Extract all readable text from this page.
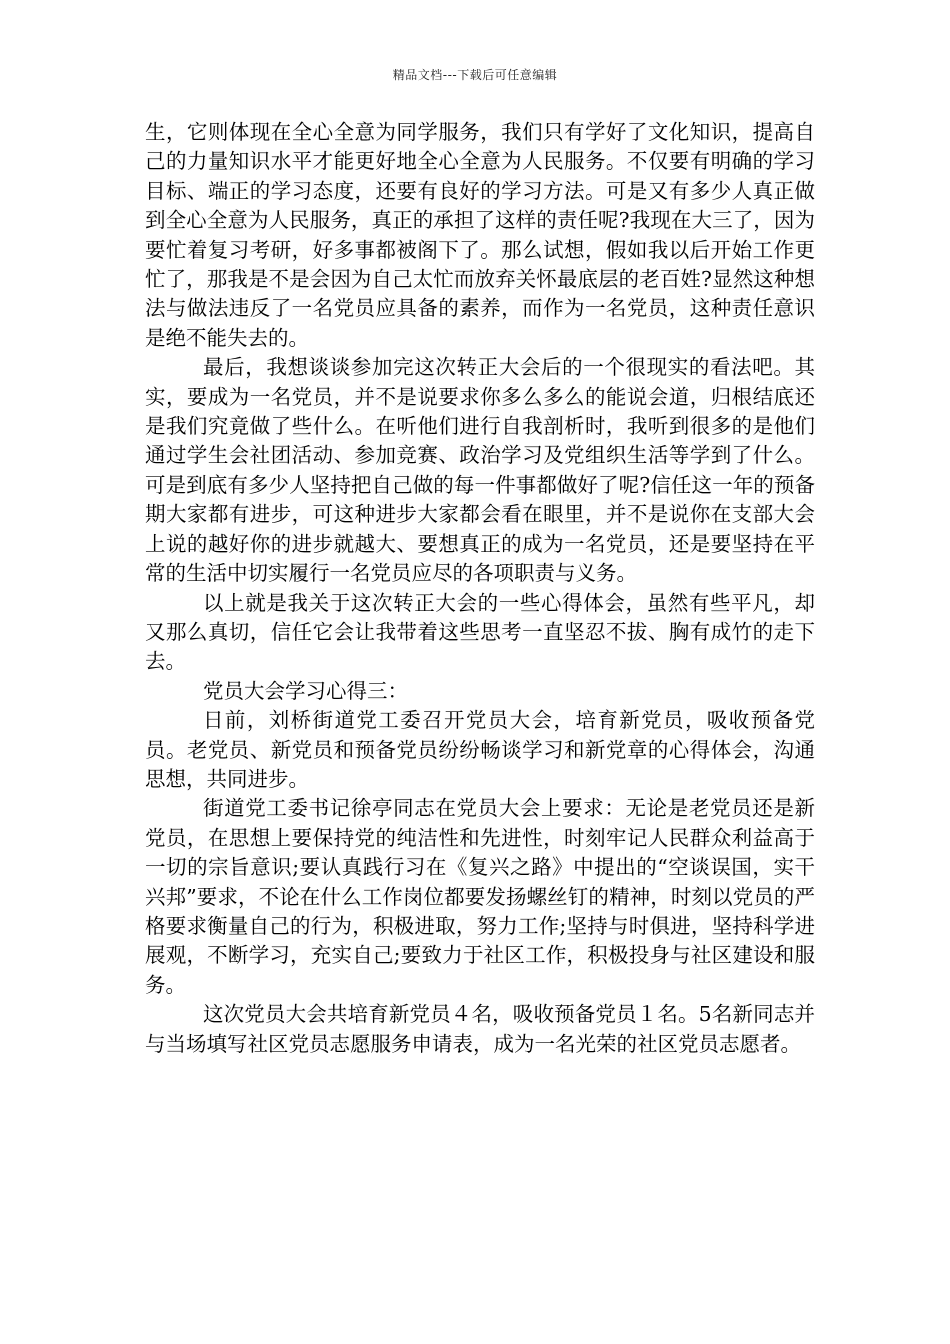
精品文档---下载后可任意编辑

生，它则体现在全心全意为同学服务，我们只有学好了文化知识，提高自己的力量知识水平才能更好地全心全意为人民服务。不仅要有明确的学习目标、端正的学习态度，还要有良好的学习方法。可是又有多少人真正做到全心全意为人民服务，真正的承担了这样的责任呢?我现在大三了，因为要忙着复习考研，好多事都被阁下了。那么试想，假如我以后开始工作更忙了，那我是不是会因为自己太忙而放弃关怀最底层的老百姓?显然这种想法与做法违反了一名党员应具备的素养，而作为一名党员，这种责任意识是绝不能失去的。

最后，我想谈谈参加完这次转正大会后的一个很现实的看法吧。其实，要成为一名党员，并不是说要求你多么多么的能说会道，归根结底还是我们究竟做了些什么。在听他们进行自我剖析时，我听到很多的是他们通过学生会社团活动、参加竞赛、政治学习及党组织生活等学到了什么。可是到底有多少人坚持把自己做的每一件事都做好了呢?信任这一年的预备期大家都有进步，可这种进步大家都会看在眼里，并不是说你在支部大会上说的越好你的进步就越大、要想真正的成为一名党员，还是要坚持在平常的生活中切实履行一名党员应尽的各项职责与义务。

以上就是我关于这次转正大会的一些心得体会，虽然有些平凡，却又那么真切，信任它会让我带着这些思考一直坚忍不拔、胸有成竹的走下去。

党员大会学习心得三：

日前，刘桥街道党工委召开党员大会，培育新党员，吸收预备党员。老党员、新党员和预备党员纷纷畅谈学习和新党章的心得体会，沟通思想，共同进步。

街道党工委书记徐亭同志在党员大会上要求：无论是老党员还是新党员，在思想上要保持党的纯洁性和先进性，时刻牢记人民群众利益高于一切的宗旨意识;要认真践行习在《复兴之路》中提出的“空谈误国，实干兴邦”要求，不论在什么工作岗位都要发扬螺丝钉的精神，时刻以党员的严格要求衡量自己的行为，积极进取，努力工作;坚持与时俱进，坚持科学进展观，不断学习，充实自己;要致力于社区工作，积极投身与社区建设和服务。

这次党员大会共培育新党员４名，吸收预备党员１名。5名新同志并与当场填写社区党员志愿服务申请表，成为一名光荣的社区党员志愿者。
